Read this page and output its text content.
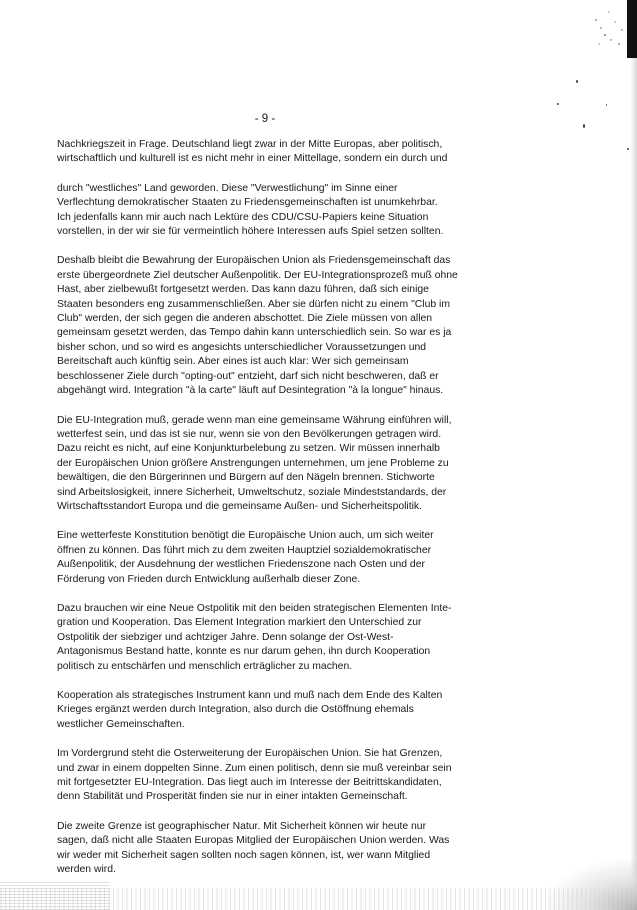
- 9 -

Nachkriegszeit in Frage. Deutschland liegt zwar in der Mitte Europas, aber politisch,
wirtschaftlich und kulturell ist es nicht mehr in einer Mittellage, sondern ein durch und

durch "westliches" Land geworden. Diese "Verwestlichung" im Sinne einer
Verflechtung demokratischer Staaten zu Friedensgemeinschaften ist unumkehrbar.
Ich jedenfalls kann mir auch nach Lektüre des CDU/CSU-Papiers keine Situation
vorstellen, in der wir sie für vermeintlich höhere Interessen aufs Spiel setzen sollten.

Deshalb bleibt die Bewahrung der Europäischen Union als Friedensgemeinschaft das
erste übergeordnete Ziel deutscher Außenpolitik. Der EU-Integrationsprozeß muß ohne
Hast, aber zielbewußt fortgesetzt werden. Das kann dazu führen, daß sich einige
Staaten besonders eng zusammenschließen. Aber sie dürfen nicht zu einem "Club im
Club" werden, der sich gegen die anderen abschottet. Die Ziele müssen von allen
gemeinsam gesetzt werden, das Tempo dahin kann unterschiedlich sein. So war es ja
bisher schon, und so wird es angesichts unterschiedlicher Voraussetzungen und
Bereitschaft auch künftig sein. Aber eines ist auch klar: Wer sich gemeinsam
beschlossener Ziele durch "opting-out" entzieht, darf sich nicht beschweren, daß er
abgehängt wird. Integration "à la carte" läuft auf Desintegration "à la longue" hinaus.

Die EU-Integration muß, gerade wenn man eine gemeinsame Währung einführen will,
wetterfest sein, und das ist sie nur, wenn sie von den Bevölkerungen getragen wird.
Dazu reicht es nicht, auf eine Konjunkturbelebung zu setzen. Wir müssen innerhalb
der Europäischen Union größere Anstrengungen unternehmen, um jene Probleme zu
bewältigen, die den Bürgerinnen und Bürgern auf den Nägeln brennen. Stichworte
sind Arbeitslosigkeit, innere Sicherheit, Umweltschutz, soziale Mindeststandards, der
Wirtschaftsstandort Europa und die gemeinsame Außen- und Sicherheitspolitik.

Eine wetterfeste Konstitution benötigt die Europäische Union auch, um sich weiter
öffnen zu können. Das führt mich zu dem zweiten Hauptziel sozialdemokratischer
Außenpolitik, der Ausdehnung der westlichen Friedenszone nach Osten und der
Förderung von Frieden durch Entwicklung außerhalb dieser Zone.

Dazu brauchen wir eine Neue Ostpolitik mit den beiden strategischen Elementen Inte-
gration und Kooperation. Das Element Integration markiert den Unterschied zur
Ostpolitik der siebziger und achtziger Jahre. Denn solange der Ost-West-
Antagonismus Bestand hatte, konnte es nur darum gehen, ihn durch Kooperation
politisch zu entschärfen und menschlich erträglicher zu machen.

Kooperation als strategisches Instrument kann und muß nach dem Ende des Kalten
Krieges ergänzt werden durch Integration, also durch die Ostöffnung ehemals
westlicher Gemeinschaften.

Im Vordergrund steht die Osterweiterung der Europäischen Union. Sie hat Grenzen,
und zwar in einem doppelten Sinne. Zum einen politisch, denn sie muß vereinbar sein
mit fortgesetzter EU-Integration. Das liegt auch im Interesse der Beitrittskandidaten,
denn Stabilität und Prosperität finden sie nur in einer intakten Gemeinschaft.

Die zweite Grenze ist geographischer Natur. Mit Sicherheit können wir heute nur
sagen, daß nicht alle Staaten Europas Mitglied der Europäischen Union werden. Was
wir weder mit Sicherheit sagen sollten noch sagen können, ist, wer wann Mitglied
werden wird.
